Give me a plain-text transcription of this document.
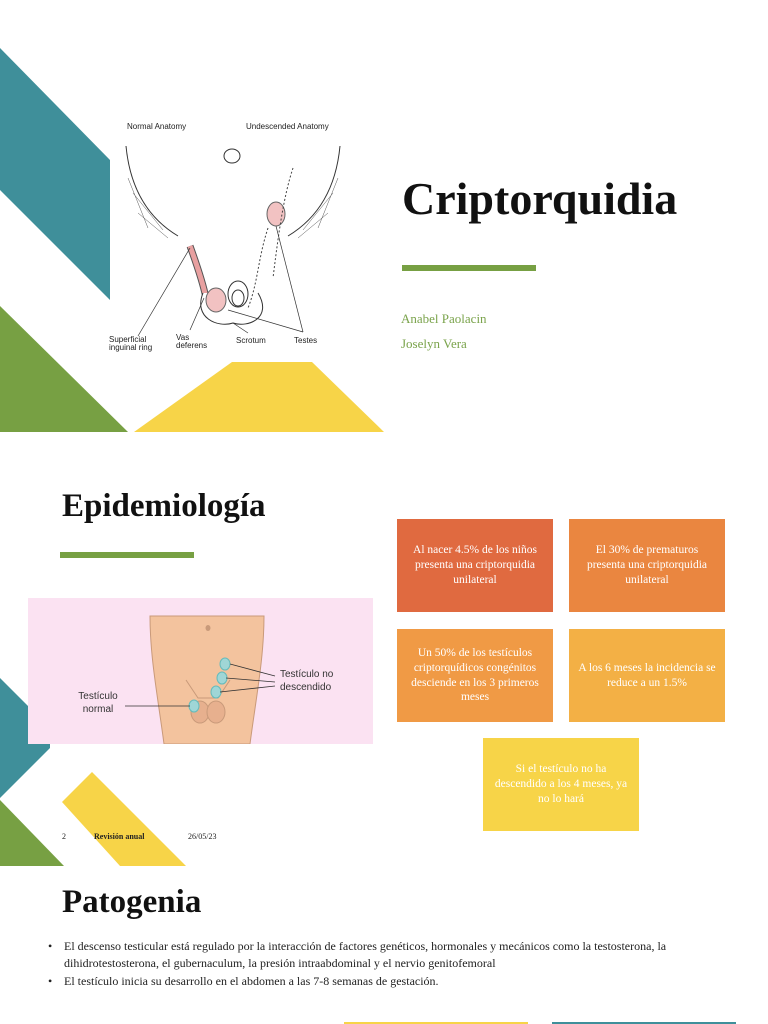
Normal Anatomy	Undescended Anatomy
Superficial inguinal ring
Vas deferens
Scrotum	Testes
Criptorquidia
Anabel Paolacin
Joselyn Vera
Epidemiología
Testículo normal
Testículo no descendido
Al nacer 4.5% de los niños presenta una criptorquidia unilateral
El 30% de prematuros presenta una criptorquidia unilateral
Un 50% de los testículos criptorquídicos congénitos desciende en los 3 primeros meses
A los 6 meses la incidencia se reduce a un 1.5%
Si el testículo no ha descendido a los 4 meses, ya no lo hará
2	Revisión anual	26/05/23
Patogenia
• El descenso testicular está regulado por la interacción de factores genéticos, hormonales y mecánicos como la testosterona, la dihidrotestosterona, el gubernaculum, la presión intraabdominal y el nervio genitofemoral
• El testículo inicia su desarrollo en el abdomen a las 7-8 semanas de gestación.
